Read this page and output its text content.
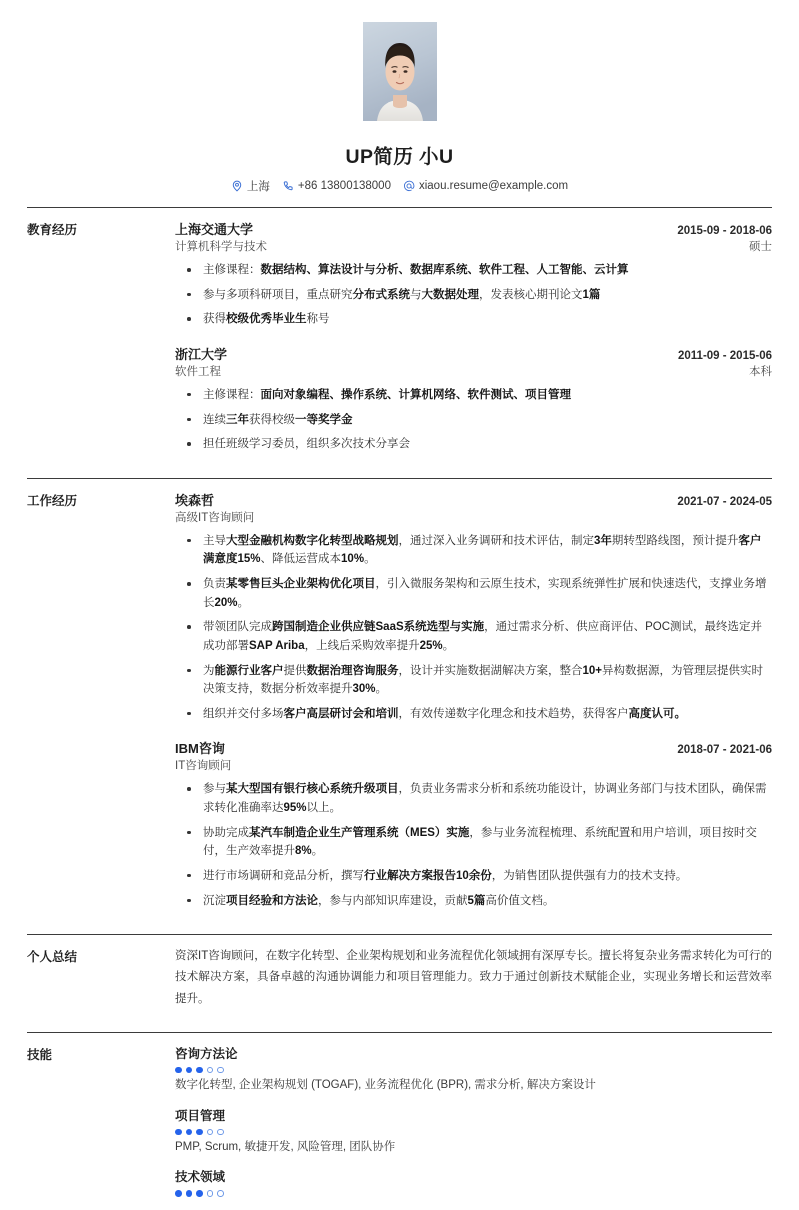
UP简历 小U
上海 +86 13800138000 xiaou.resume@example.com
教育经历	上海交通大学	2015-09 - 2018-06
计算机科学与技术	硕士
主修课程：数据结构、算法设计与分析、数据库系统、软件工程、人工智能、云计算
参与多项科研项目，重点研究分布式系统与大数据处理，发表核心期刊论文1篇
获得校级优秀毕业生称号
浙江大学	2011-09 - 2015-06
软件工程	本科
主修课程：面向对象编程、操作系统、计算机网络、软件测试、项目管理
连续三年获得校级一等奖学金
担任班级学习委员，组织多次技术分享会
工作经历	埃森哲	2021-07 - 2024-05
高级IT咨询顾问
主导大型金融机构数字化转型战略规划，通过深入业务调研和技术评估，制定3年期转型路线图，预计提升客户满意度15%、降低运营成本10%。
负责某零售巨头企业架构优化项目，引入微服务架构和云原生技术，实现系统弹性扩展和快速迭代，支撑业务增长20%。
带领团队完成跨国制造企业供应链SaaS系统选型与实施，通过需求分析、供应商评估、POC测试，最终选定并成功部署SAP Ariba，上线后采购效率提升25%。
为能源行业客户提供数据治理咨询服务，设计并实施数据湖解决方案，整合10+异构数据源，为管理层提供实时决策支持，数据分析效率提升30%。
组织并交付多场客户高层研讨会和培训，有效传递数字化理念和技术趋势，获得客户高度认可。
IBM咨询	2018-07 - 2021-06
IT咨询顾问
参与某大型国有银行核心系统升级项目，负责业务需求分析和系统功能设计，协调业务部门与技术团队，确保需求转化准确率达95%以上。
协助完成某汽车制造企业生产管理系统（MES）实施，参与业务流程梳理、系统配置和用户培训，项目按时交付，生产效率提升8%。
进行市场调研和竞品分析，撰写行业解决方案报告10余份，为销售团队提供强有力的技术支持。
沉淀项目经验和方法论，参与内部知识库建设，贡献5篇高价值文档。
个人总结	资深IT咨询顾问，在数字化转型、企业架构规划和业务流程优化领域拥有深厚专长。擅长将复杂业务需求转化为可行的技术解决方案，具备卓越的沟通协调能力和项目管理能力。致力于通过创新技术赋能企业，实现业务增长和运营效率提升。
技能	咨询方法论
数字化转型, 企业架构规划 (TOGAF), 业务流程优化 (BPR), 需求分析, 解决方案设计
项目管理
PMP, Scrum, 敏捷开发, 风险管理, 团队协作
技术领域
